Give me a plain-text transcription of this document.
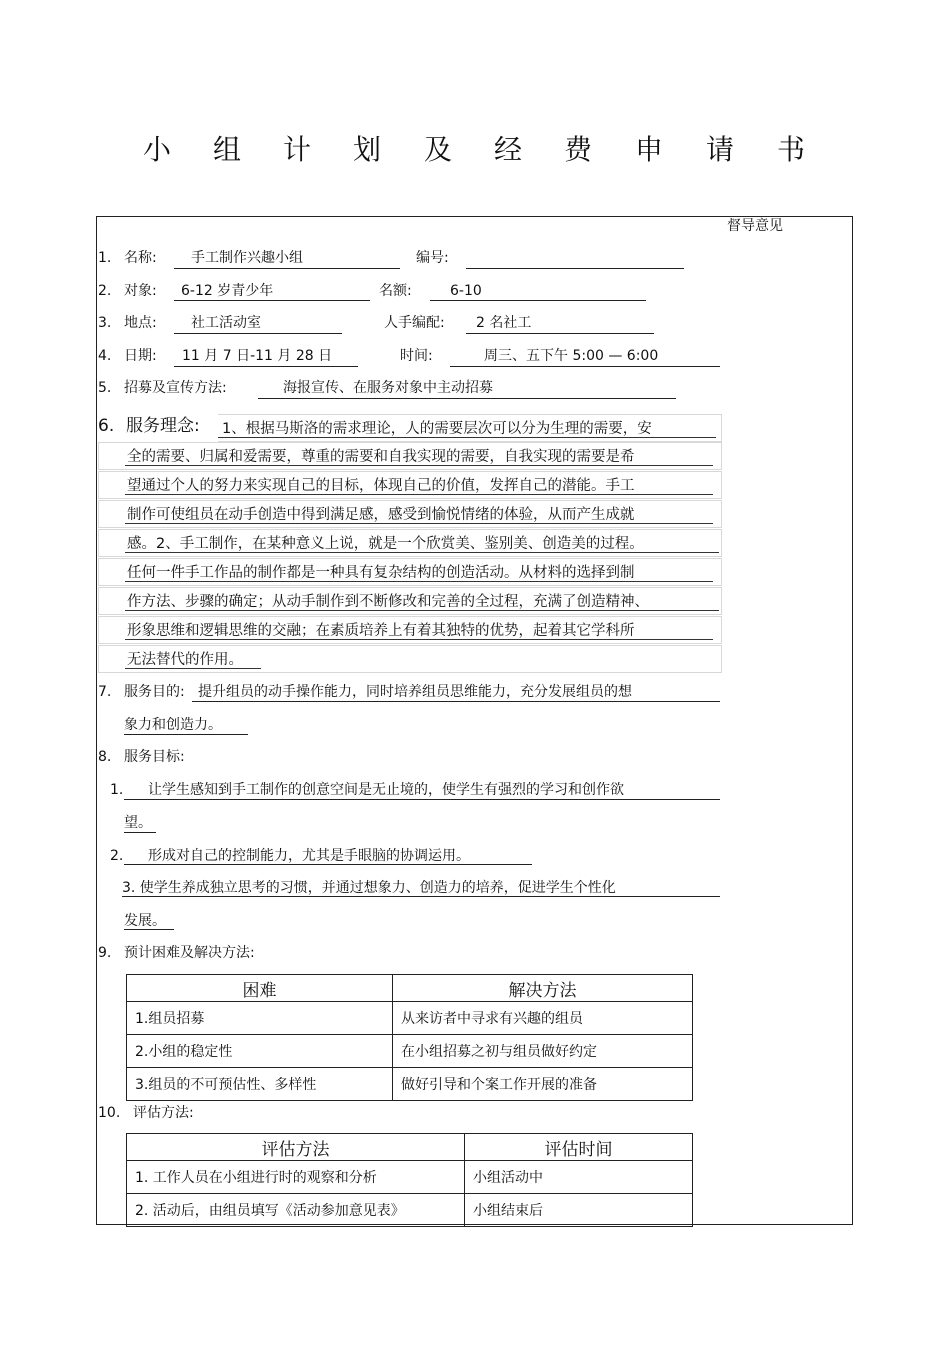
小 组 计 划 及 经 费 申 请 书
督导意见
1. 名称: 手工制作兴趣小组	编号:
2. 对象: 6-12 岁青少年	名额:	6-10
3. 地点: 社工活动室	人手编配: 2 名社工
4. 日期: 11 月 7 日-11 月 28 日	时间:	周三、五下午 5:00 — 6:00
5. 招募及宣传方法:	海报宣传、在服务对象中主动招募
6. 服务理念: 1、根据马斯洛的需求理论，人的需要层次可以分为生理的需要，安
全的需要、归属和爱需要，尊重的需要和自我实现的需要，自我实现的需要是希
望通过个人的努力来实现自己的目标，体现自己的价值，发挥自己的潜能。手工
制作可使组员在动手创造中得到满足感，感受到愉悦情绪的体验，从而产生成就
感。2、手工制作，在某种意义上说，就是一个欣赏美、鉴别美、创造美的过程。
任何一件手工作品的制作都是一种具有复杂结构的创造活动。从材料的选择到制
作方法、步骤的确定；从动手制作到不断修改和完善的全过程，充满了创造精神、
形象思维和逻辑思维的交融；在素质培养上有着其独特的优势，起着其它学科所
无法替代的作用。
7. 服务目的: 提升组员的动手操作能力，同时培养组员思维能力，充分发展组员的想
象力和创造力。
8. 服务目标:
1. 让学生感知到手工制作的创意空间是无止境的，使学生有强烈的学习和创作欲
望。
2. 形成对自己的控制能力，尤其是手眼脑的协调运用。
3. 使学生养成独立思考的习惯，并通过想象力、创造力的培养，促进学生个性化
发展。
9. 预计困难及解决方法:
困难	解决方法
1.组员招募	从来访者中寻求有兴趣的组员
2.小组的稳定性	在小组招募之初与组员做好约定
3.组员的不可预估性、多样性	做好引导和个案工作开展的准备
10. 评估方法:
评估方法	评估时间
1. 工作人员在小组进行时的观察和分析	小组活动中
2. 活动后，由组员填写《活动参加意见表》	小组结束后
